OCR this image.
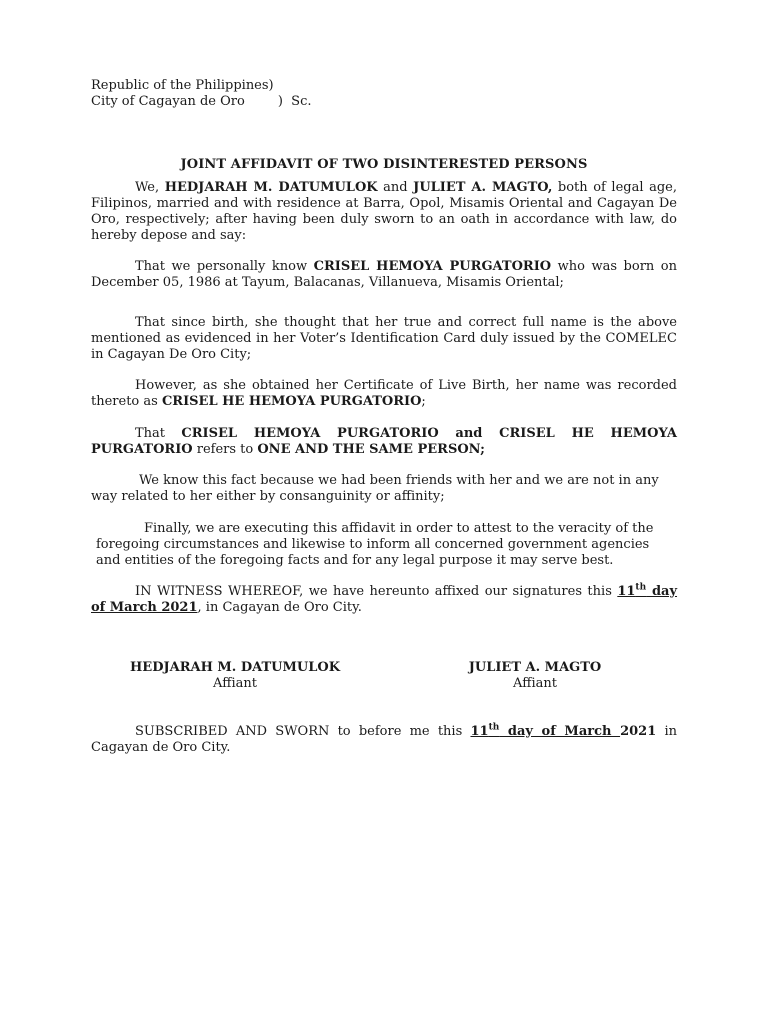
Republic of the Philippines)
City of Cagayan de Oro        )  Sc.
JOINT AFFIDAVIT OF TWO DISINTERESTED PERSONS

We, HEDJARAH M. DATUMULOK and JULIET A. MAGTO, both of legal age, Filipinos, married and with residence at Barra, Opol, Misamis Oriental and Cagayan De Oro, respectively; after having been duly sworn to an oath in accordance with law, do hereby depose and say:

That we personally know CRISEL HEMOYA PURGATORIO who was born on December 05, 1986 at Tayum, Balacanas, Villanueva, Misamis Oriental;

That since birth, she thought that her true and correct full name is the above mentioned as evidenced in her Voter’s Identification Card duly issued by the COMELEC in Cagayan De Oro City;

However, as she obtained her Certificate of Live Birth, her name was recorded thereto as CRISEL HE HEMOYA PURGATORIO;

That CRISEL HEMOYA PURGATORIO and CRISEL HE HEMOYA PURGATORIO refers to ONE AND THE SAME PERSON;

We know this fact because we had been friends with her and we are not in any way related to her either by consanguinity or affinity;

Finally, we are executing this affidavit in order to attest to the veracity of the foregoing circumstances and likewise to inform all concerned government agencies and entities of the foregoing facts and for any legal purpose it may serve best.

IN WITNESS WHEREOF, we have hereunto affixed our signatures this 11th day of March 2021, in Cagayan de Oro City.

HEDJARAH M. DATUMULOK
Affiant
JULIET A. MAGTO
Affiant

SUBSCRIBED AND SWORN to before me this 11th day of March 2021 in Cagayan de Oro City.
